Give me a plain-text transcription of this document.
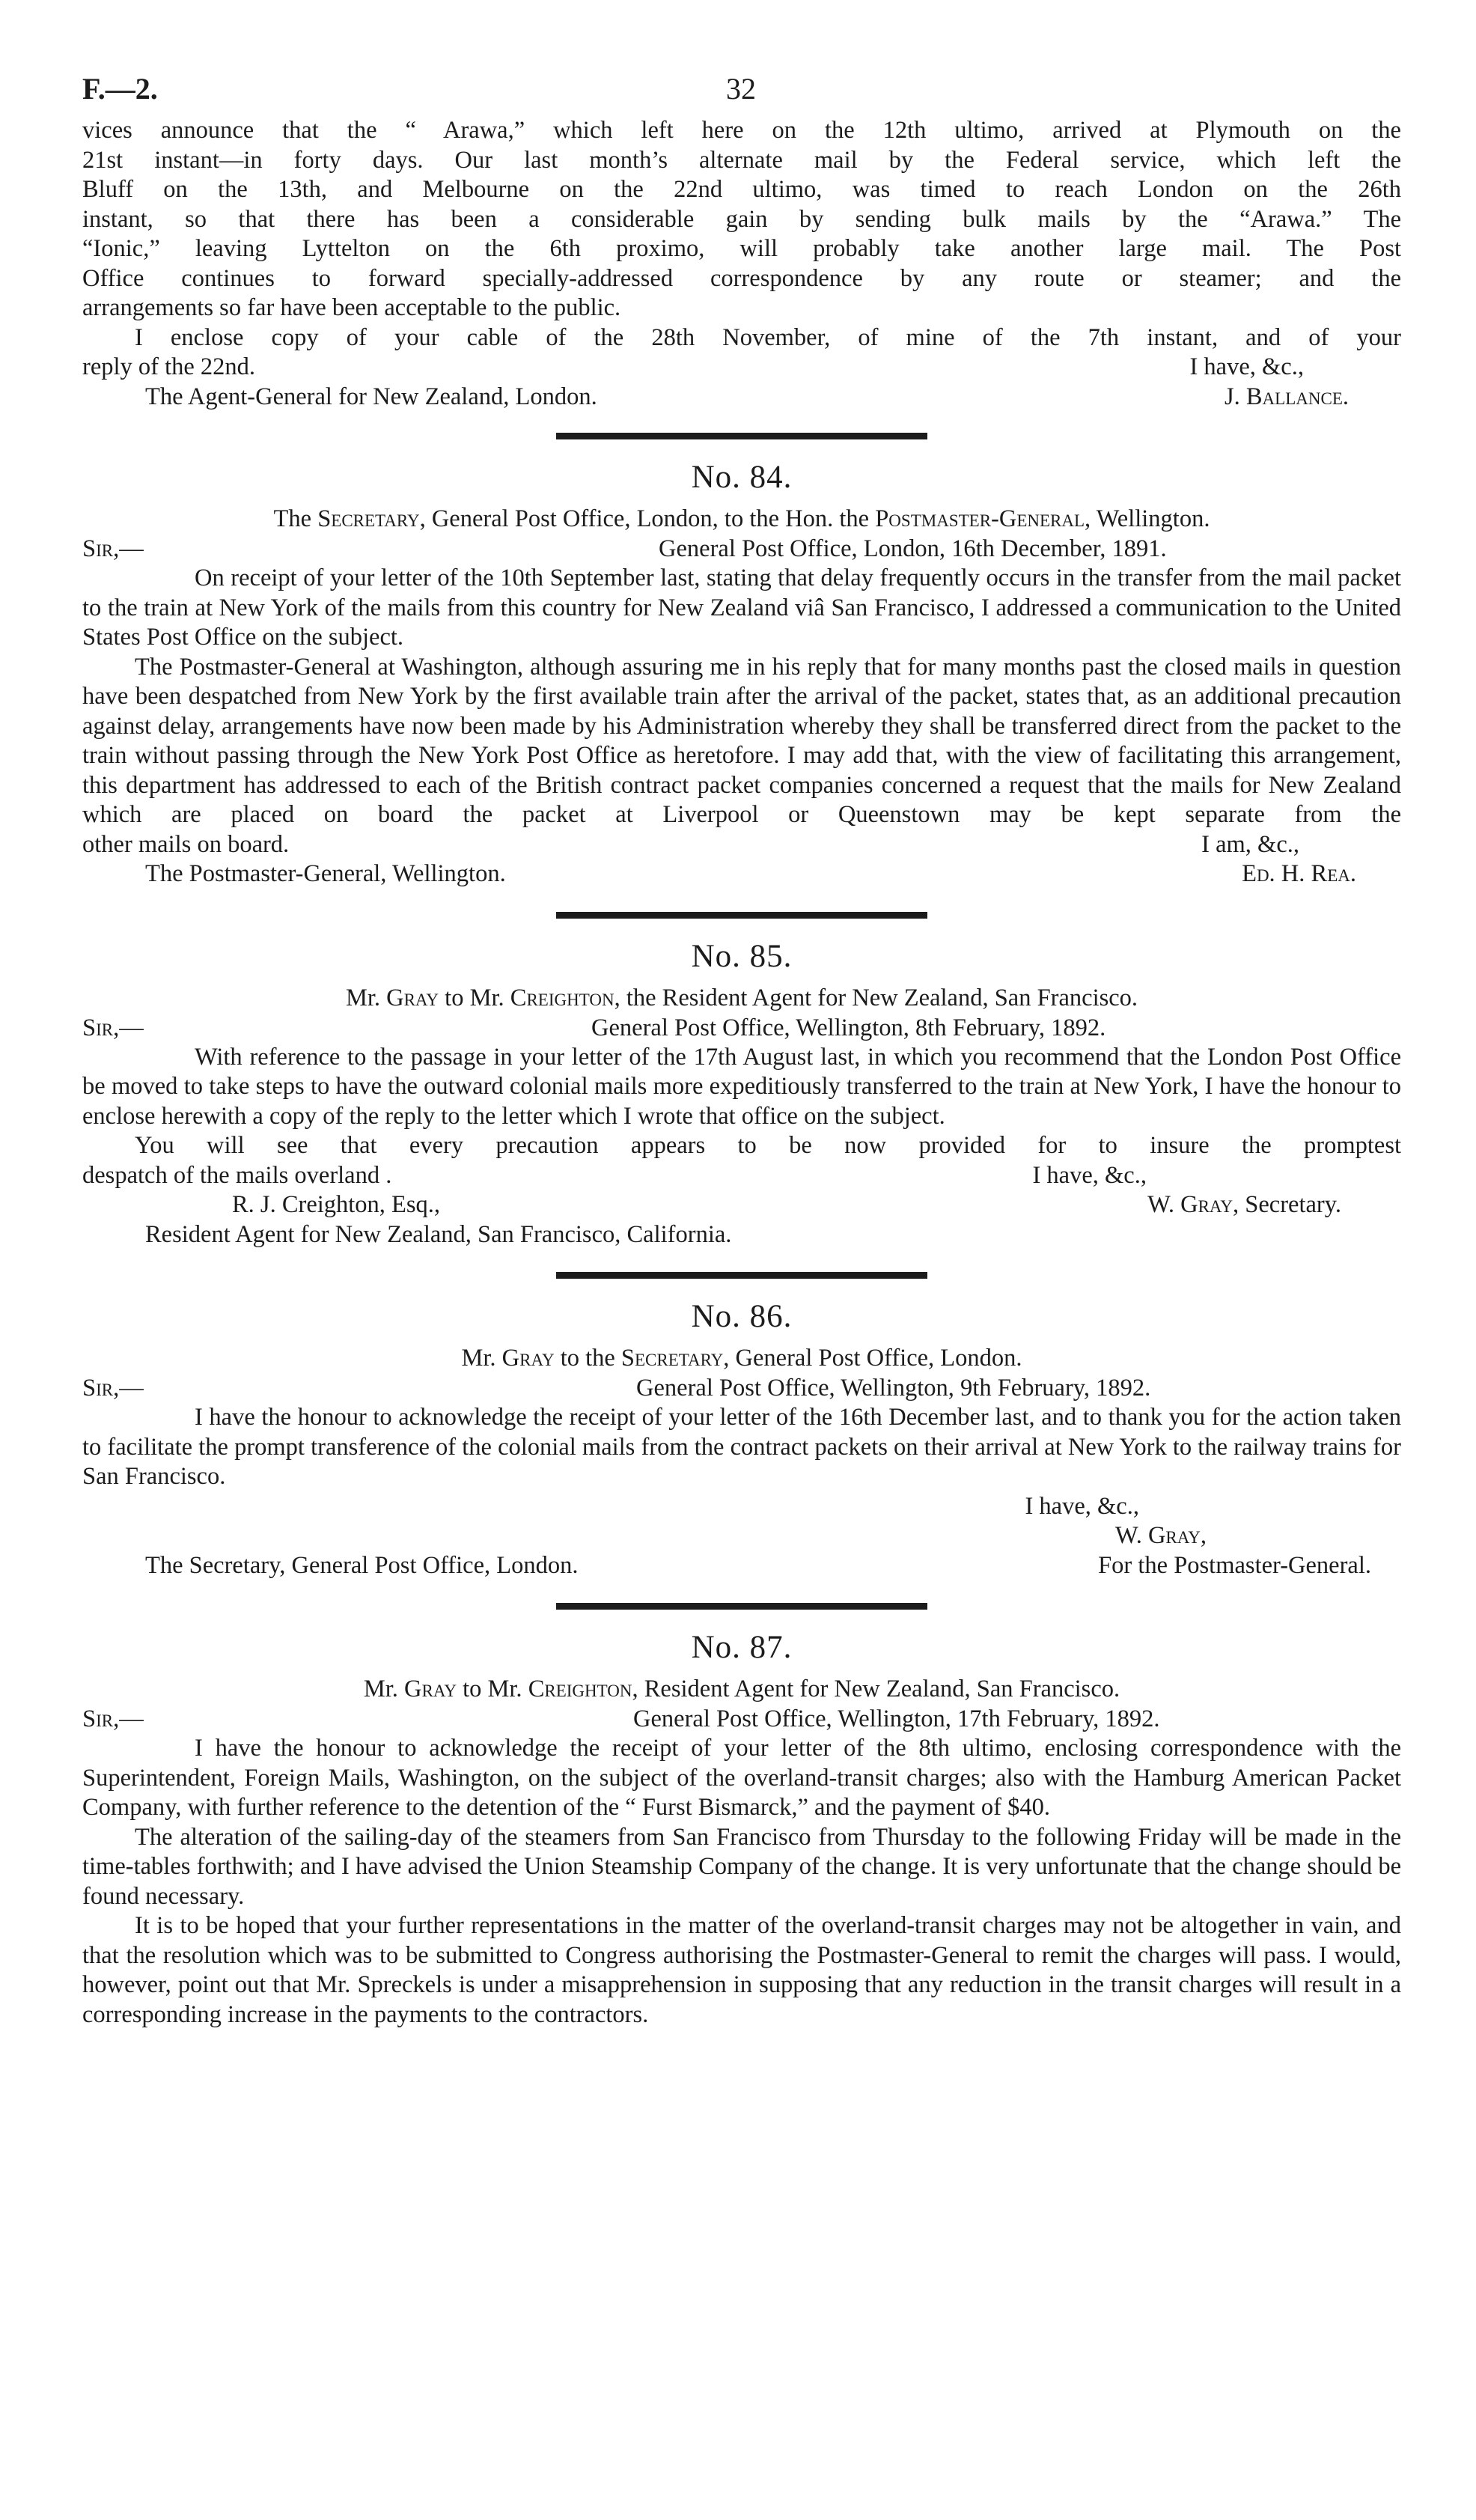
F.—2.	32

vices announce that the “ Arawa,” which left here on the 12th ultimo, arrived at Plymouth on the

21st instant—in forty days. Our last month’s alternate mail by the Federal service, which left the

Bluff on the 13th, and Melbourne on the 22nd ultimo, was timed to reach London on the 26th

instant, so that there has been a considerable gain by sending bulk mails by the “Arawa.” The

“Ionic,” leaving Lyttelton on the 6th proximo, will probably take another large mail. The Post

Office continues to forward specially-addressed correspondence by any route or steamer; and the

arrangements so far have been acceptable to the public.

I enclose copy of your cable of the 28th November, of mine of the 7th instant, and of your

reply of the 22nd.	I have, &c.,
The Agent-General for New Zealand, London.	J. Ballance.
No. 84.
The Secretary, General Post Office, London, to the Hon. the Postmaster-General, Wellington.
Sir,—	General Post Office, London, 16th December, 1891.

On receipt of your letter of the 10th September last, stating that delay frequently occurs in the transfer from the mail packet to the train at New York of the mails from this country for New Zealand viâ San Francisco, I addressed a communication to the United States Post Office on the subject.

The Postmaster-General at Washington, although assuring me in his reply that for many months past the closed mails in question have been despatched from New York by the first available train after the arrival of the packet, states that, as an additional precaution against delay, arrangements have now been made by his Administration whereby they shall be transferred direct from the packet to the train without passing through the New York Post Office as heretofore. I may add that, with the view of facilitating this arrangement, this department has addressed to each of the British contract packet companies concerned a request that the mails for New Zealand which are placed on board the packet at Liverpool or Queenstown may be kept separate from the

other mails on board.	I am, &c.,
The Postmaster-General, Wellington.	Ed. H. Rea.
No. 85.
Mr. Gray to Mr. Creighton, the Resident Agent for New Zealand, San Francisco.
Sir,—	General Post Office, Wellington, 8th February, 1892.

With reference to the passage in your letter of the 17th August last, in which you recommend that the London Post Office be moved to take steps to have the outward colonial mails more expeditiously transferred to the train at New York, I have the honour to enclose herewith a copy of the reply to the letter which I wrote that office on the subject.

You will see that every precaution appears to be now provided for to insure the promptest

despatch of the mails overland .	I have, &c.,
R. J. Creighton, Esq.,	W. Gray, Secretary.
Resident Agent for New Zealand, San Francisco, California.
No. 86.
Mr. Gray to the Secretary, General Post Office, London.
Sir,—	General Post Office, Wellington, 9th February, 1892.

I have the honour to acknowledge the receipt of your letter of the 16th December last, and to thank you for the action taken to facilitate the prompt transference of the colonial mails from the contract packets on their arrival at New York to the railway trains for San Francisco.

I have, &c.,
W. Gray,
The Secretary, General Post Office, London.	For the Postmaster-General.
No. 87.
Mr. Gray to Mr. Creighton, Resident Agent for New Zealand, San Francisco.
Sir,—	General Post Office, Wellington, 17th February, 1892.

I have the honour to acknowledge the receipt of your letter of the 8th ultimo, enclosing correspondence with the Superintendent, Foreign Mails, Washington, on the subject of the overland-transit charges; also with the Hamburg American Packet Company, with further reference to the detention of the “ Furst Bismarck,” and the payment of $40.

The alteration of the sailing-day of the steamers from San Francisco from Thursday to the following Friday will be made in the time-tables forthwith; and I have advised the Union Steamship Company of the change. It is very unfortunate that the change should be found necessary.

It is to be hoped that your further representations in the matter of the overland-transit charges may not be altogether in vain, and that the resolution which was to be submitted to Congress authorising the Postmaster-General to remit the charges will pass. I would, however, point out that Mr. Spreckels is under a misapprehension in supposing that any reduction in the transit charges will result in a corresponding increase in the payments to the contractors.
